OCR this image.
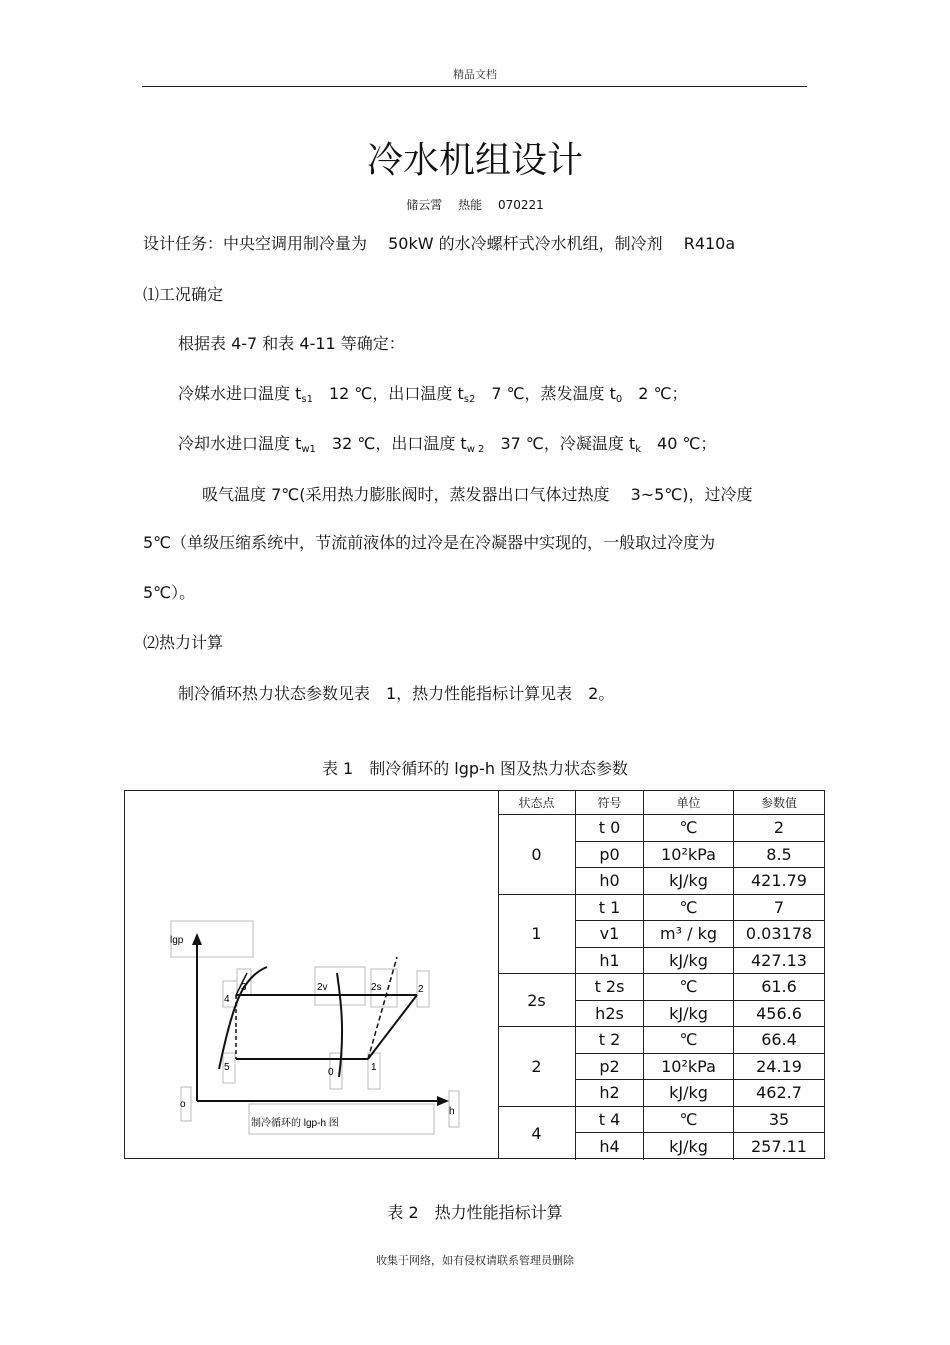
精品文档
冷水机组设计
储云霄 热能 070221
设计任务：中央空调用制冷量为　 50kW 的水冷螺杆式冷水机组，制冷剂　 R410a
⑴工况确定
根据表 4-7 和表 4-11 等确定：
冷媒水进口温度 $t_{s1}$　12 ℃，出口温度 $t_{s2}$　7 ℃，蒸发温度 $t_0$　2 ℃；
冷却水进口温度 $t_{w1}$　32 ℃，出口温度 $t_{w 2}$　37 ℃，冷凝温度 $t_k$　40 ℃；
吸气温度 7℃(采用热力膨胀阀时，蒸发器出口气体过热度　 3~5℃)，过冷度
5℃（单级压缩系统中，节流前液体的过冷是在冷凝器中实现的，一般取过冷度为
5℃）。
⑵热力计算
制冷循环热力状态参数见表　1，热力性能指标计算见表　2。
表 1　制冷循环的 lgp-h 图及热力状态参数
lgp
3
4
2v	2s	2
5	0	1
o
h
制冷循环的 lgp-h 图
状态点	符号	单位	参数值
0
t 0	℃	2
p0	10²kPa	8.5
h0	kJ/kg	421.79
1
t 1	℃	7
v1	m³ / kg	0.03178
h1	kJ/kg	427.13
2s
t 2s	℃	61.6
h2s	kJ/kg	456.6
2
t 2	℃	66.4
p2	10²kPa	24.19
h2	kJ/kg	462.7
4
t 4	℃	35
h4	kJ/kg	257.11
表 2　热力性能指标计算
收集于网络，如有侵权请联系管理员删除
